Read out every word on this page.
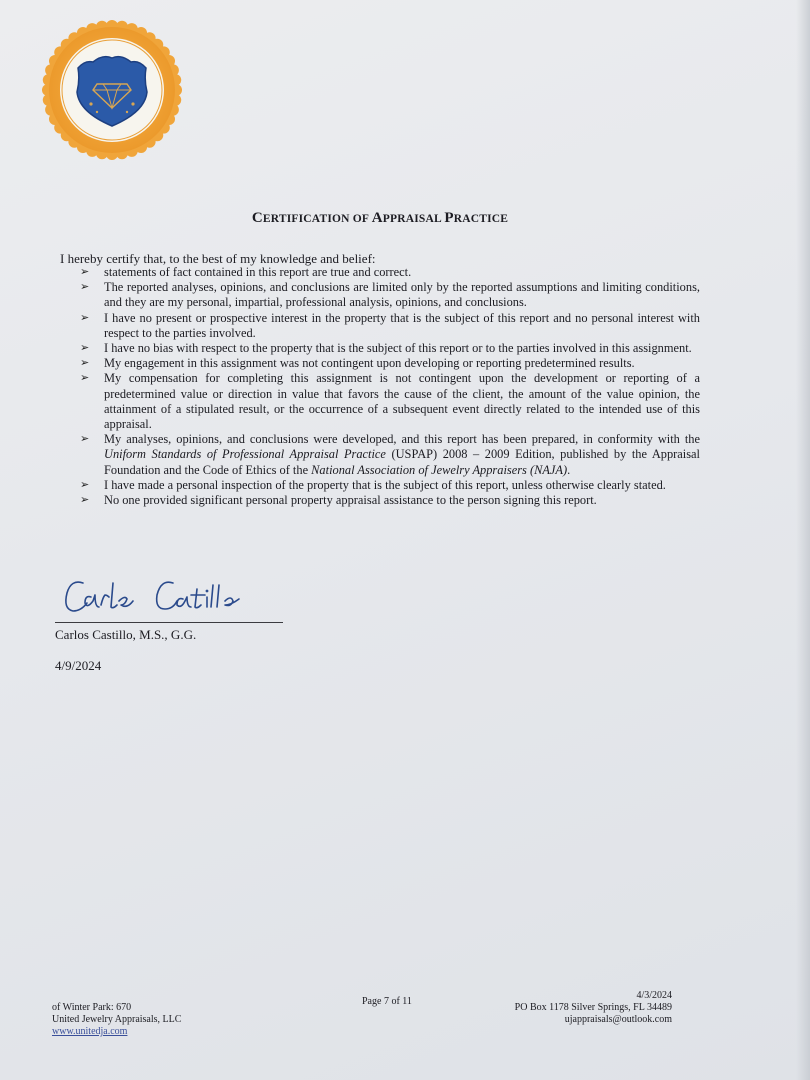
CERTIFICATION OF APPRAISAL PRACTICE
I hereby certify that, to the best of my knowledge and belief:
➢ statements of fact contained in this report are true and correct.
➢ The reported analyses, opinions, and conclusions are limited only by the reported assumptions and limiting conditions, and they are my personal, impartial, professional analysis, opinions, and conclusions.
➢ I have no present or prospective interest in the property that is the subject of this report and no personal interest with respect to the parties involved.
➢ I have no bias with respect to the property that is the subject of this report or to the parties involved in this assignment.
➢ My engagement in this assignment was not contingent upon developing or reporting predetermined results.
➢ My compensation for completing this assignment is not contingent upon the development or reporting of a predetermined value or direction in value that favors the cause of the client, the amount of the value opinion, the attainment of a stipulated result, or the occurrence of a subsequent event directly related to the intended use of this appraisal.
➢ My analyses, opinions, and conclusions were developed, and this report has been prepared, in conformity with the Uniform Standards of Professional Appraisal Practice (USPAP) 2008 – 2009 Edition, published by the Appraisal Foundation and the Code of Ethics of the National Association of Jewelry Appraisers (NAJA).
➢ I have made a personal inspection of the property that is the subject of this report, unless otherwise clearly stated.
➢ No one provided significant personal property appraisal assistance to the person signing this report.
Carlos Castillo, M.S., G.G.
4/9/2024
of Winter Park: 670
United Jewelry Appraisals, LLC
www.unitedja.com
Page 7 of 11
4/3/2024
PO Box 1178 Silver Springs, FL 34489
ujappraisals@outlook.com
